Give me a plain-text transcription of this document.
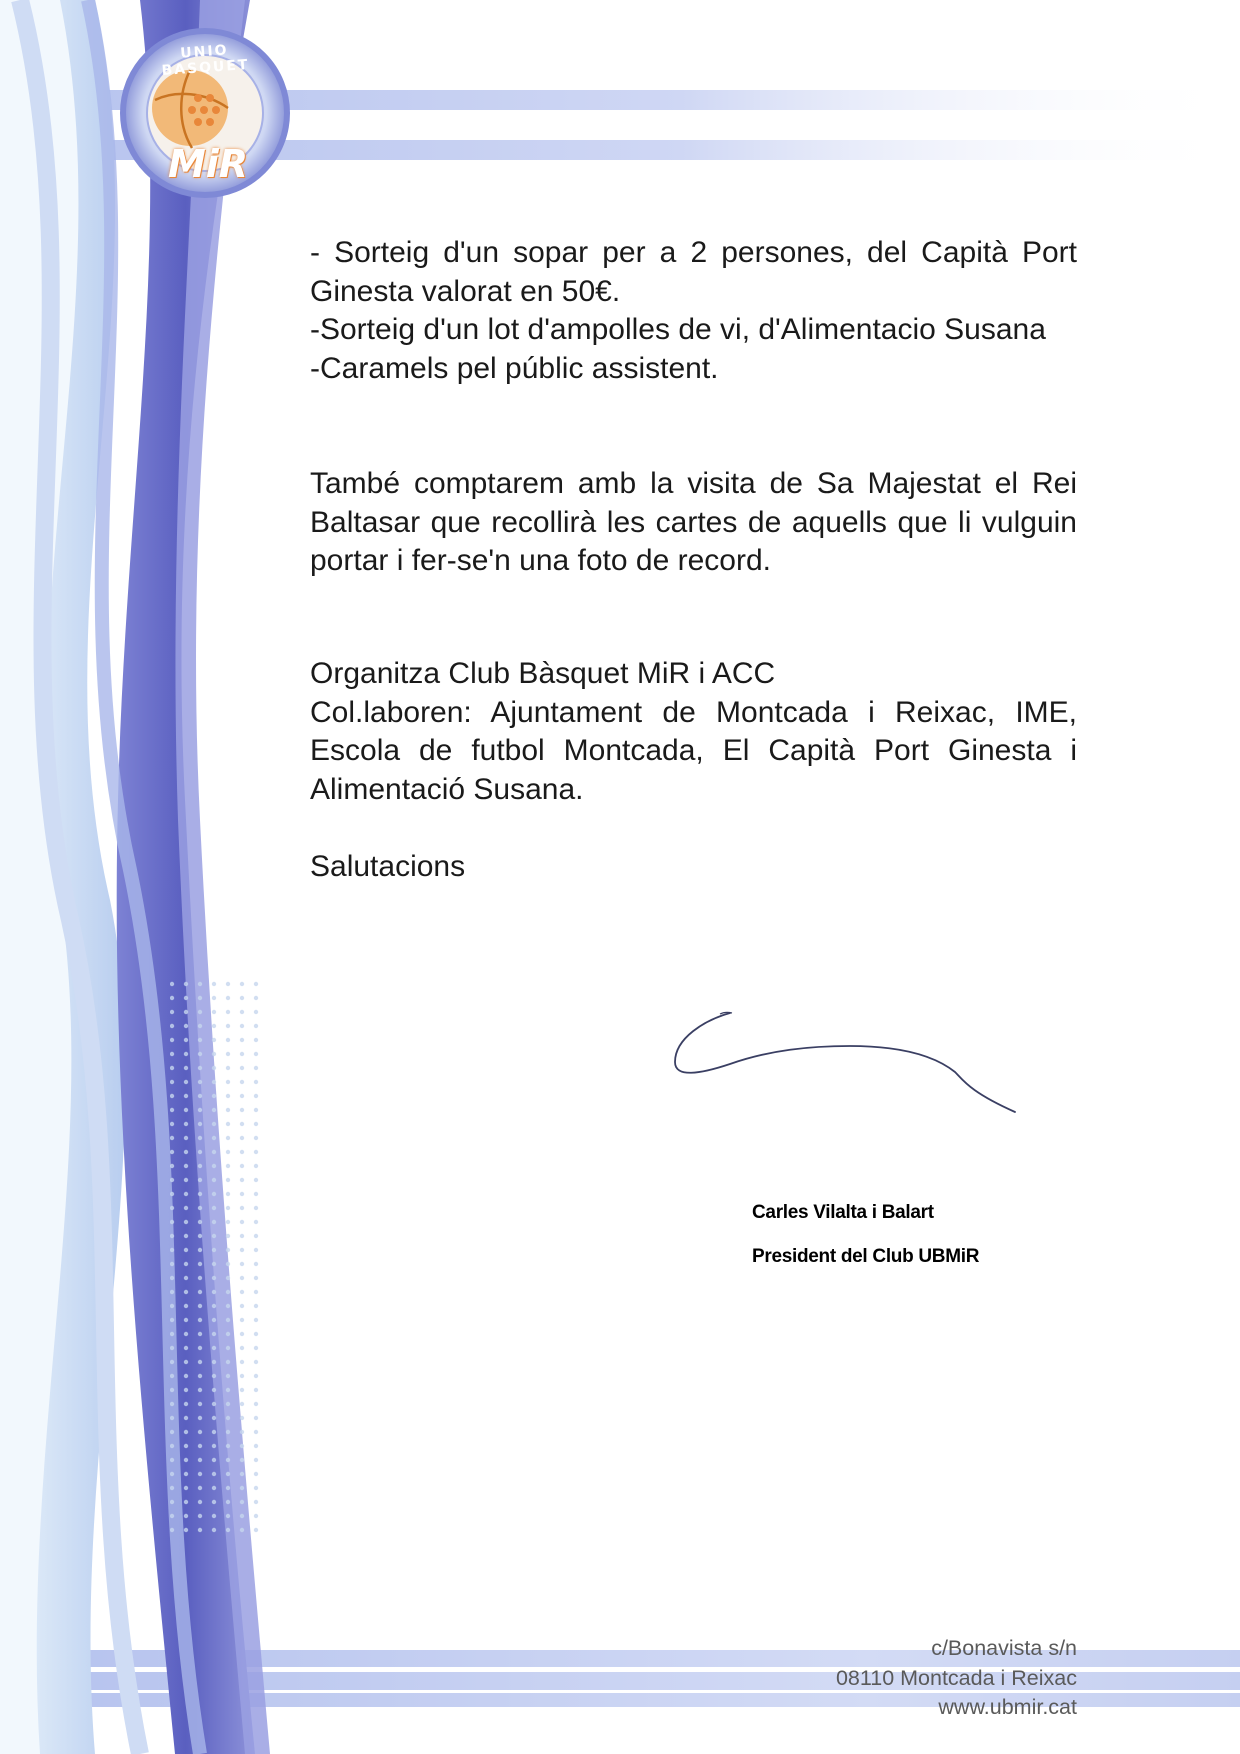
UNIO BASQUET
MiR

- Sorteig d'un sopar per a 2 persones, del Capità Port Ginesta valorat en 50€.

-Sorteig d'un lot d'ampolles de vi, d'Alimentacio Susana

-Caramels pel públic assistent.

També comptarem amb la visita de Sa Majestat el Rei Baltasar que recollirà les cartes de aquells que li vulguin portar i fer-se'n una foto de record.

Organitza Club Bàsquet MiR i ACC

Col.laboren: Ajuntament de Montcada i Reixac, IME, Escola de futbol Montcada, El Capità Port Ginesta i Alimentació Susana.

Salutacions

Carles Vilalta i Balart
President del Club UBMiR
c/Bonavista s/n
08110 Montcada i Reixac
www.ubmir.cat
